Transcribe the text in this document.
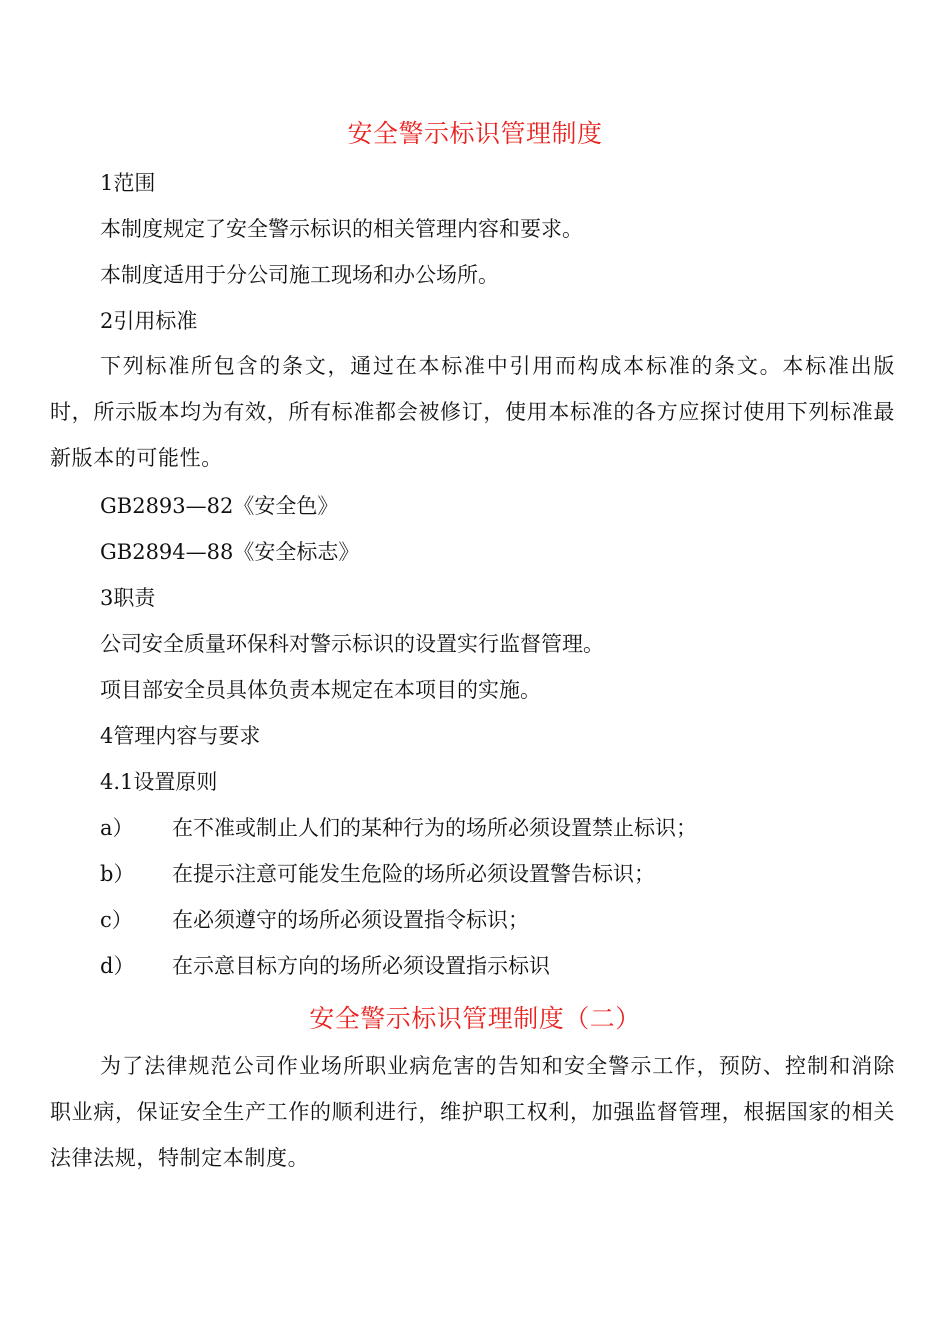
安全警示标识管理制度
1范围
本制度规定了安全警示标识的相关管理内容和要求。
本制度适用于分公司施工现场和办公场所。
2引用标准
下列标准所包含的条文，通过在本标准中引用而构成本标准的条文。本标准出版时，所示版本均为有效，所有标准都会被修订，使用本标准的各方应探讨使用下列标准最新版本的可能性。
GB2893—82《安全色》
GB2894—88《安全标志》
3职责
公司安全质量环保科对警示标识的设置实行监督管理。
项目部安全员具体负责本规定在本项目的实施。
4管理内容与要求
4.1设置原则
a） 在不准或制止人们的某种行为的场所必须设置禁止标识；
b） 在提示注意可能发生危险的场所必须设置警告标识；
c） 在必须遵守的场所必须设置指令标识；
d） 在示意目标方向的场所必须设置指示标识
安全警示标识管理制度（二）
为了法律规范公司作业场所职业病危害的告知和安全警示工作，预防、控制和消除职业病，保证安全生产工作的顺利进行，维护职工权利，加强监督管理，根据国家的相关法律法规，特制定本制度。
